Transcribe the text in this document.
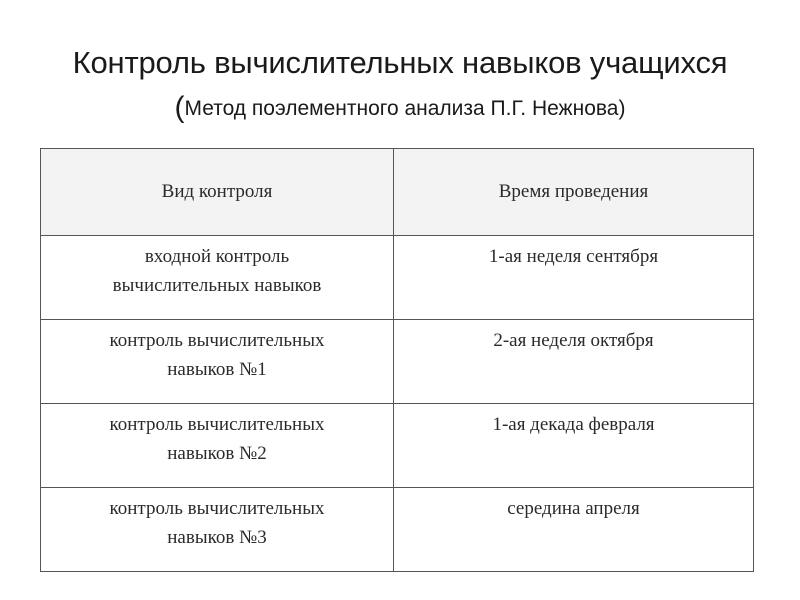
Контроль вычислительных навыков учащихся
(Метод поэлементного анализа П.Г. Нежнова)
Вид контроля	Время проведения
входной контроль
вычислительных навыков	1-ая неделя сентября
контроль вычислительных
навыков №1	2-ая неделя октября
контроль вычислительных
навыков №2	1-ая декада февраля
контроль вычислительных
навыков №3	середина апреля
